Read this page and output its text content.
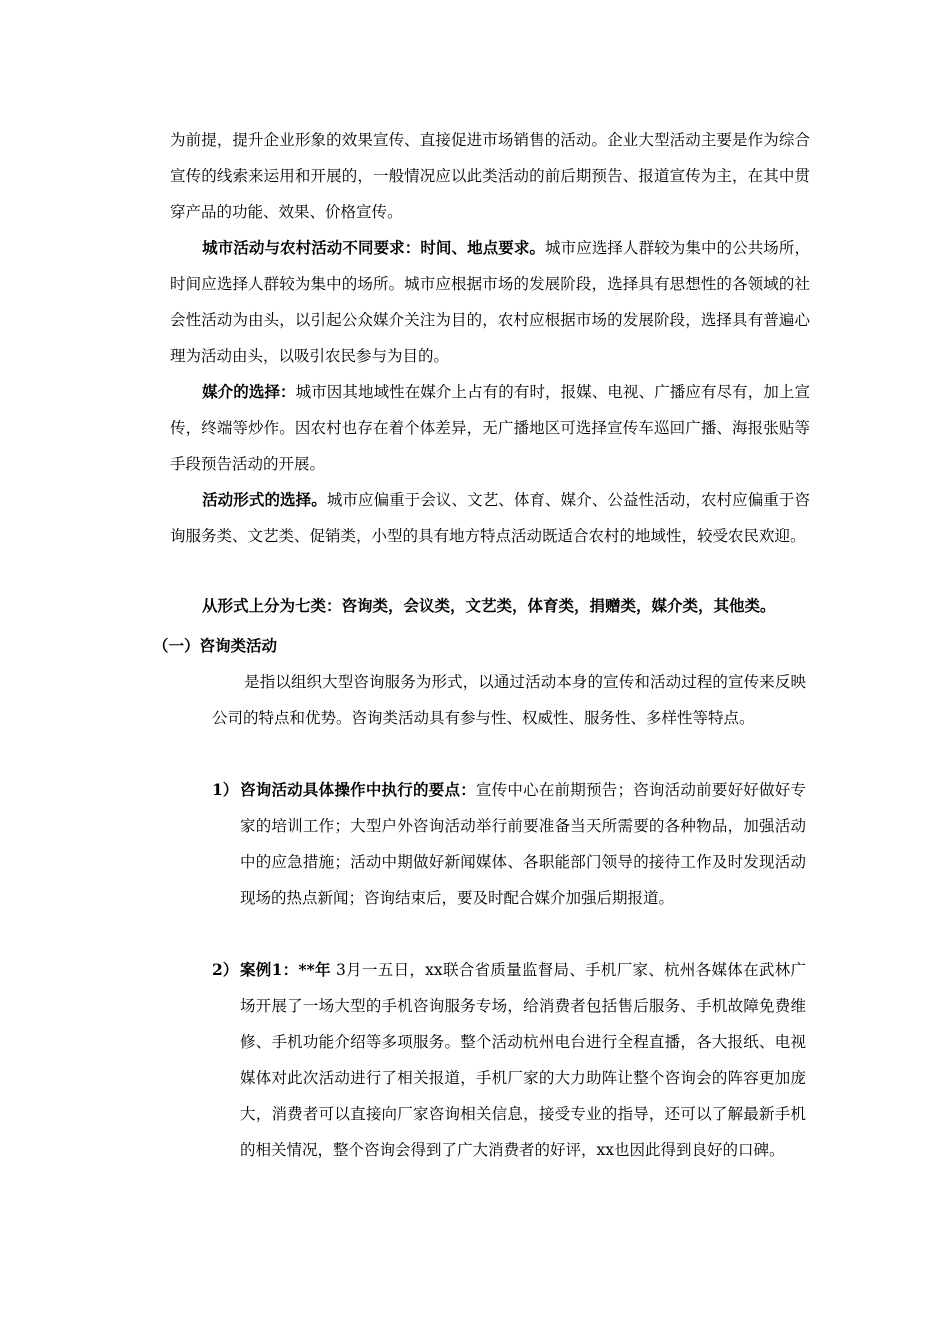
为前提，提升企业形象的效果宣传、直接促进市场销售的活动。企业大型活动主要是作为综合宣传的线索来运用和开展的，一般情况应以此类活动的前后期预告、报道宣传为主，在其中贯穿产品的功能、效果、价格宣传。

城市活动与农村活动不同要求：时间、地点要求。城市应选择人群较为集中的公共场所，时间应选择人群较为集中的场所。城市应根据市场的发展阶段，选择具有思想性的各领域的社会性活动为由头，以引起公众媒介关注为目的，农村应根据市场的发展阶段，选择具有普遍心理为活动由头，以吸引农民参与为目的。

媒介的选择：城市因其地域性在媒介上占有的有时，报媒、电视、广播应有尽有，加上宣传，终端等炒作。因农村也存在着个体差异，无广播地区可选择宣传车巡回广播、海报张贴等手段预告活动的开展。

活动形式的选择。城市应偏重于会议、文艺、体育、媒介、公益性活动，农村应偏重于咨询服务类、文艺类、促销类，小型的具有地方特点活动既适合农村的地域性，较受农民欢迎。

从形式上分为七类：咨询类，会议类，文艺类，体育类，捐赠类，媒介类，其他类。

（一）咨询类活动

是指以组织大型咨询服务为形式，以通过活动本身的宣传和活动过程的宣传来反映公司的特点和优势。咨询类活动具有参与性、权威性、服务性、多样性等特点。

1） 咨询活动具体操作中执行的要点：宣传中心在前期预告；咨询活动前要好好做好专家的培训工作；大型户外咨询活动举行前要准备当天所需要的各种物品，加强活动中的应急措施；活动中期做好新闻媒体、各职能部门领导的接待工作及时发现活动现场的热点新闻；咨询结束后，要及时配合媒介加强后期报道。
2） 案例1：**年 3月一五日，xx联合省质量监督局、手机厂家、杭州各媒体在武林广场开展了一场大型的手机咨询服务专场，给消费者包括售后服务、手机故障免费维修、手机功能介绍等多项服务。整个活动杭州电台进行全程直播，各大报纸、电视媒体对此次活动进行了相关报道，手机厂家的大力助阵让整个咨询会的阵容更加庞大，消费者可以直接向厂家咨询相关信息，接受专业的指导，还可以了解最新手机的相关情况，整个咨询会得到了广大消费者的好评，xx也因此得到良好的口碑。
